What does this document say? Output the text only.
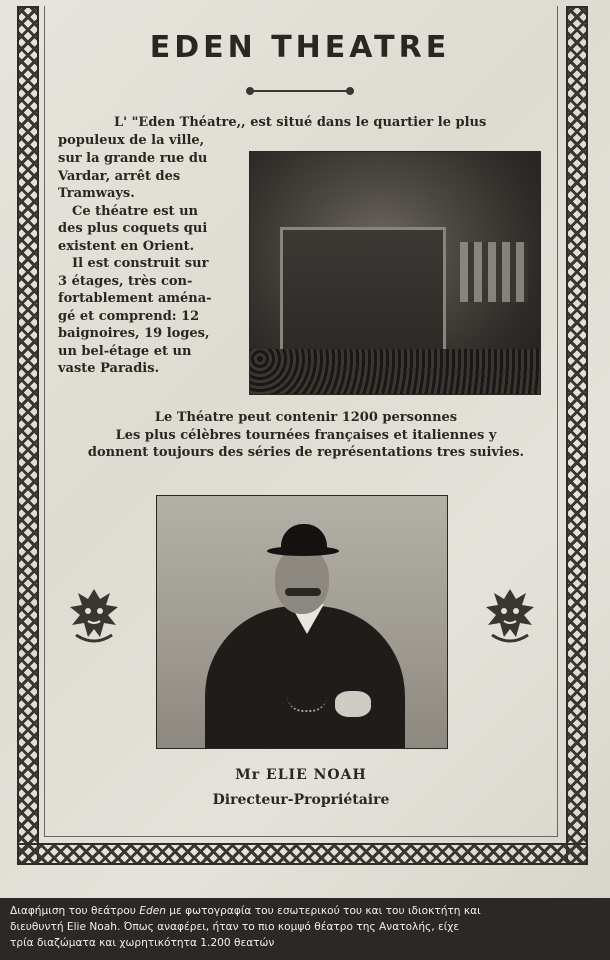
EDEN THEATRE
L' "Eden Théatre,, est situé dans le quartier le plus
populeux de la ville,
sur la grande rue du
Vardar, arrêt des
Tramways.
Ce théatre est un
des plus coquets qui
existent en Orient.
Il est construit sur
3 étages, très con-
fortablement aména-
gé et comprend: 12
baignoires, 19 loges,
un bel-étage et un
vaste Paradis.
Le Théatre peut contenir 1200 personnes
Les plus célèbres tournées françaises et italiennes y
donnent toujours des séries de représentations tres suivies.
Mr ELIE NOAH
Directeur-Propriétaire
Διαφήμιση του θεάτρου Eden με φωτογραφία του εσωτερικού του και του ιδιοκτήτη και
διευθυντή Elie Noah. Όπως αναφέρει, ήταν το πιο κομψό θέατρο της Ανατολής, είχε
τρία διαζώματα και χωρητικότητα 1.200 θεατών
